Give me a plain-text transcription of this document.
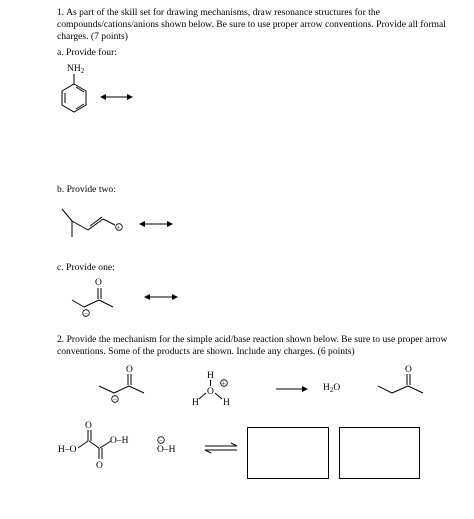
1. As part of the skill set for drawing mechanisms, draw resonance structures for the compounds/cations/anions shown below. Be sure to use proper arrow conventions. Provide all formal charges. (7 points)
a. Provide four:
b. Provide two:
c. Provide one:
2. Provide the mechanism for the simple acid/base reaction shown below. Be sure to use proper arrow conventions. Some of the products are shown. Include any charges. (6 points)
$NH_2$
+
O
−
O
−
H
O
+
H	H
$H_2O$
O
H–O
O
O
O–H	−
O–H
